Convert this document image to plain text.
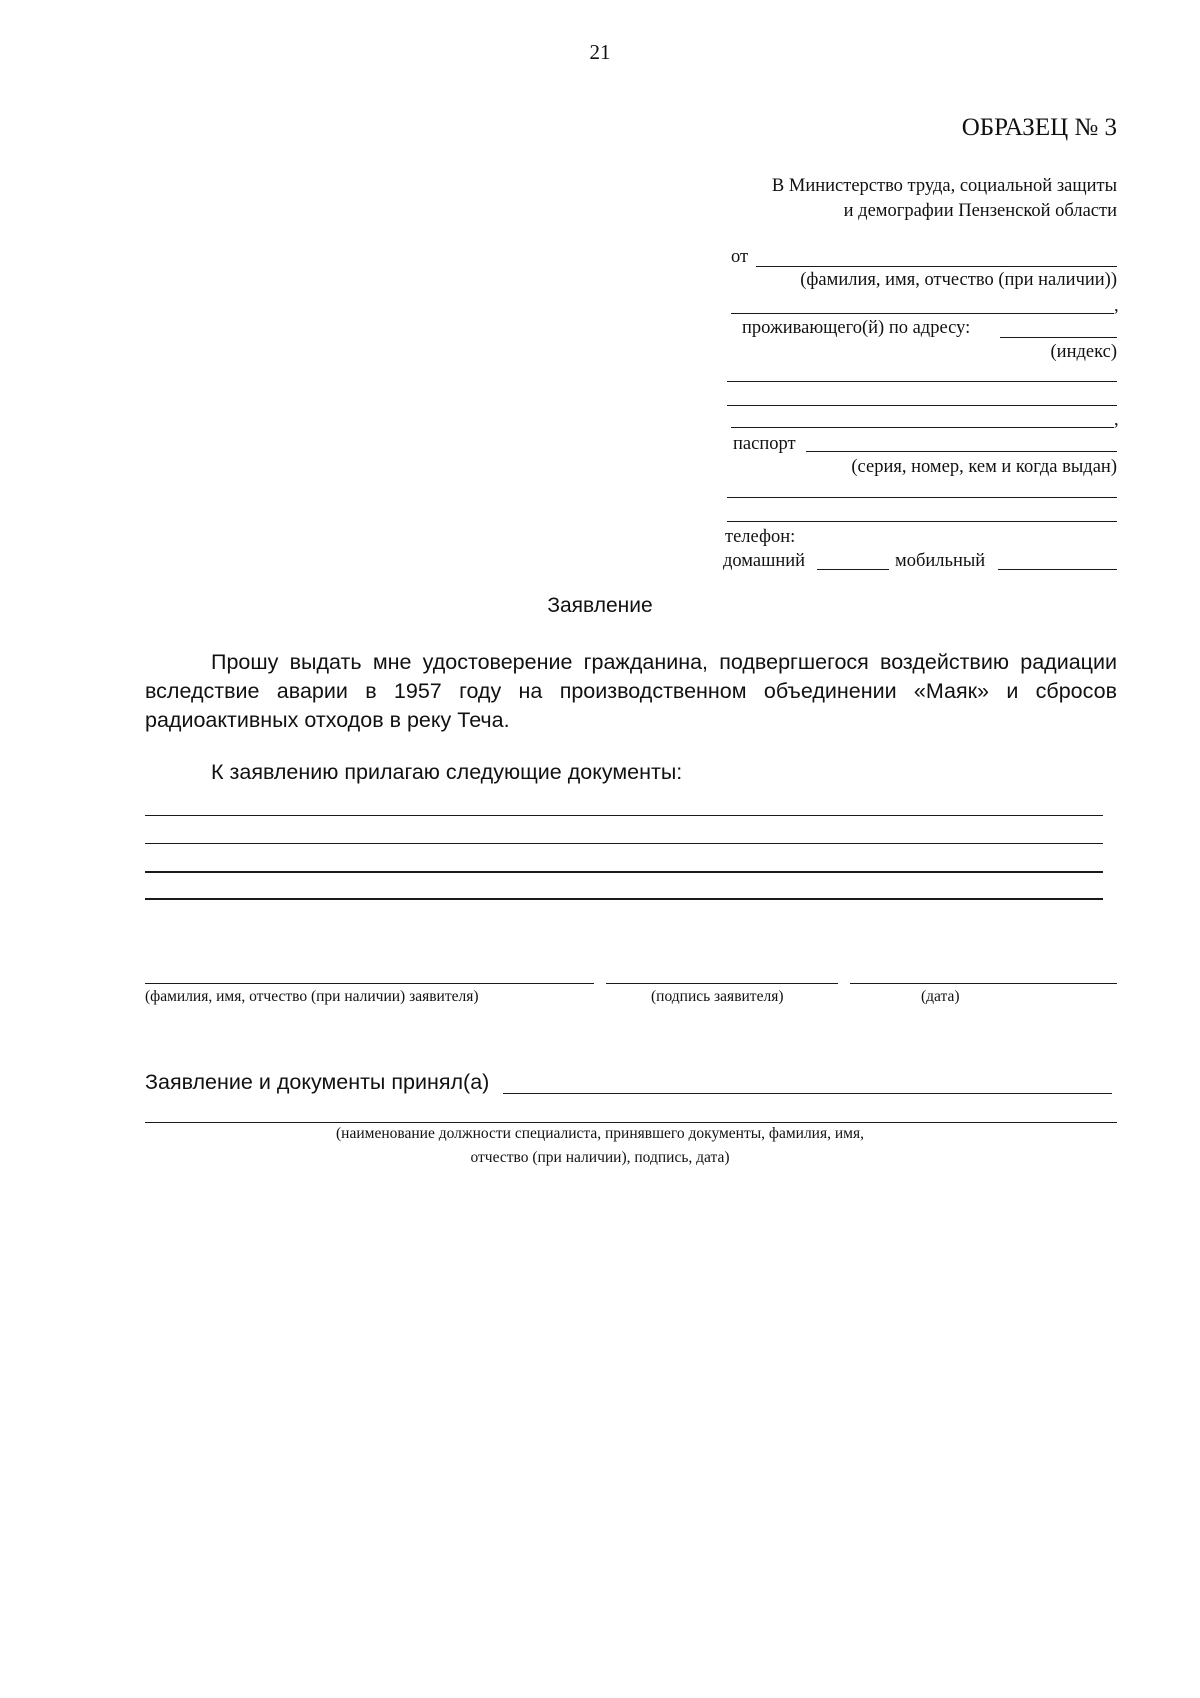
21
ОБРАЗЕЦ № 3
В Министерство труда, социальной защиты
и демографии Пензенской области
от
(фамилия, имя, отчество (при наличии))
,
проживающего(й) по адресу:
(индекс)
,
паспорт
(серия, номер, кем и когда выдан)
телефон:
домашний	мобильный
Заявление
Прошу выдать мне удостоверение гражданина, подвергшегося воздействию радиации вследствие аварии в 1957 году на производственном объединении «Маяк» и сбросов радиоактивных отходов в реку Теча.
К заявлению прилагаю следующие документы:
(фамилия, имя, отчество (при наличии) заявителя)	(подпись заявителя)	(дата)
Заявление и документы принял(а)
(наименование должности специалиста, принявшего документы, фамилия, имя,
отчество (при наличии), подпись, дата)
